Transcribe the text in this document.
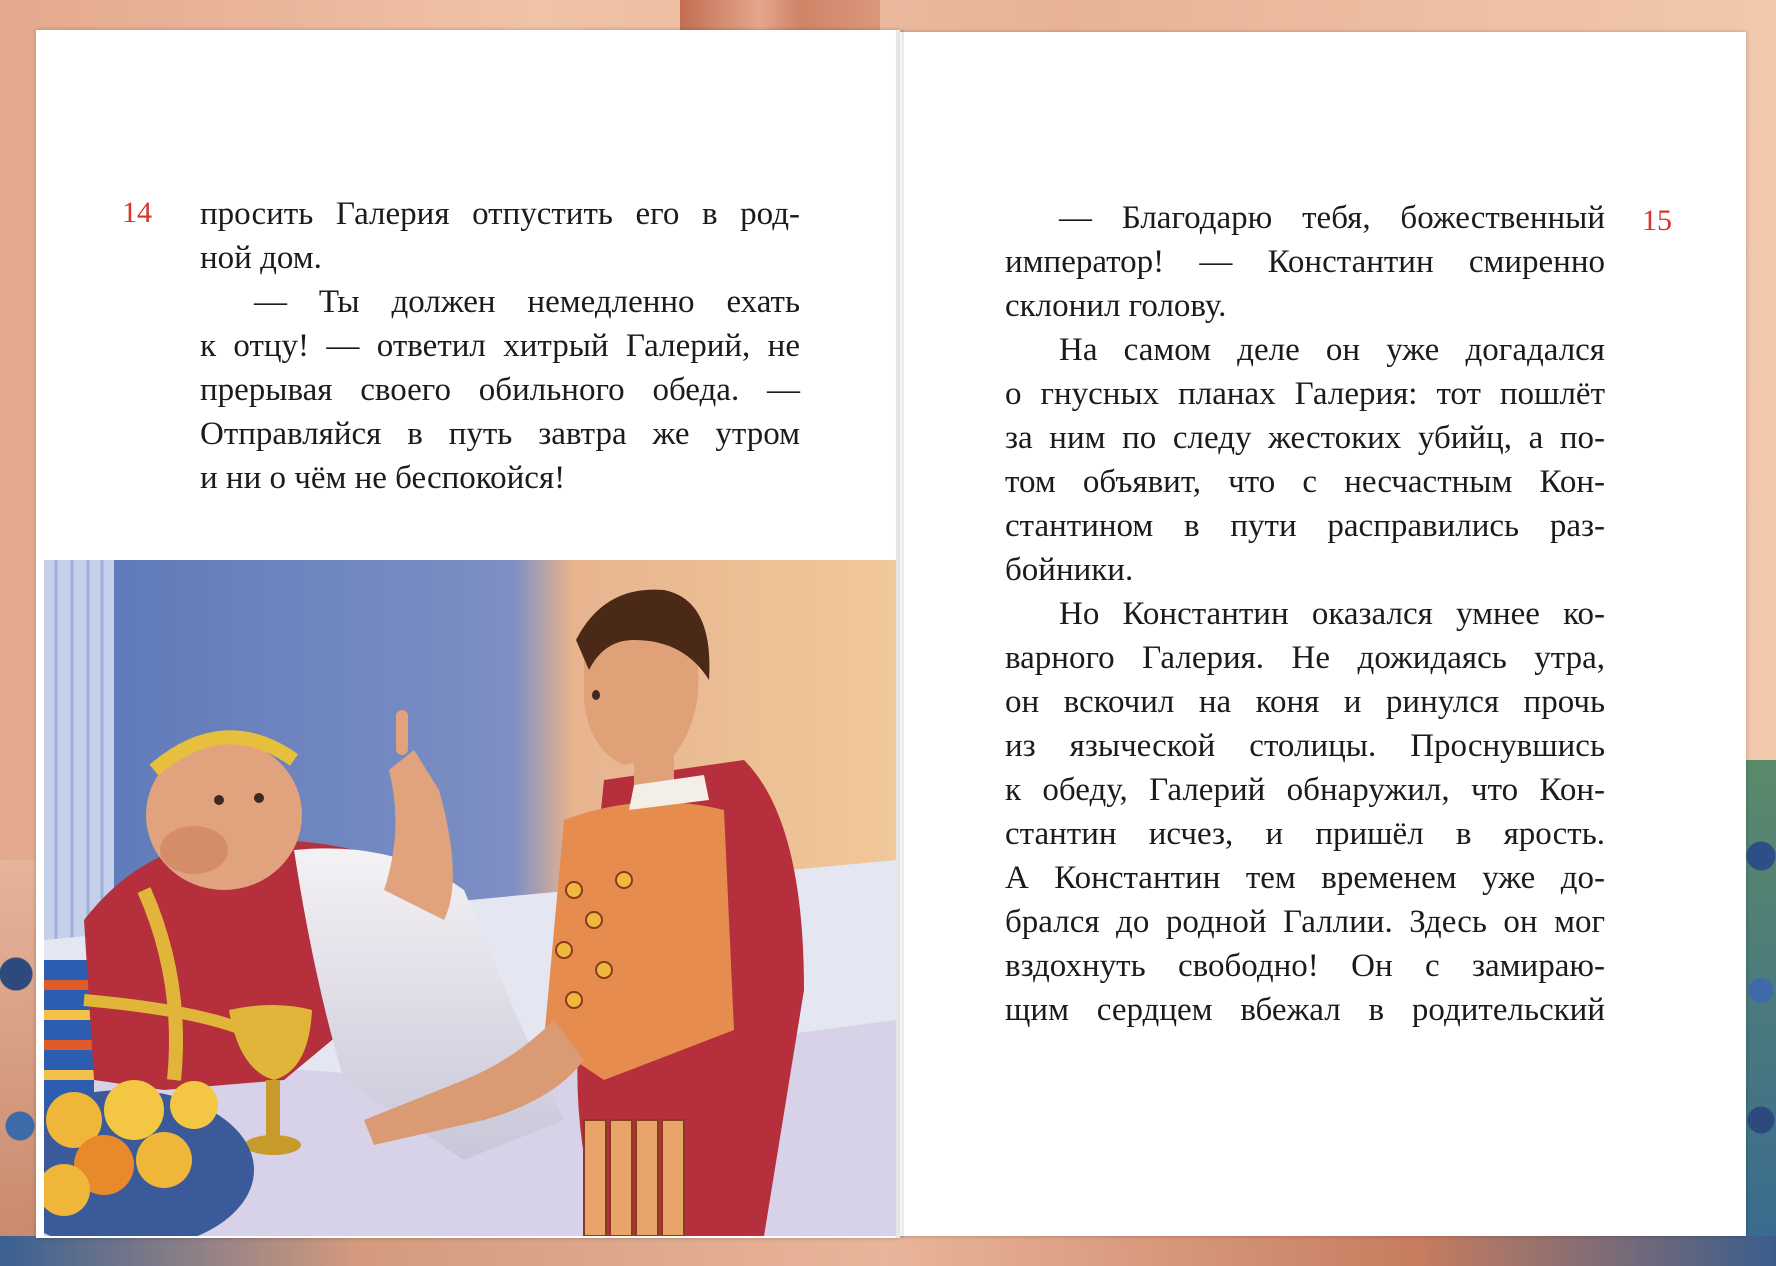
14 просить Галерия отпустить его в род-
ной дом.
— Ты должен немедленно ехать
к отцу! — ответил хитрый Галерий, не
прерывая своего обильного обеда. —
Отправляйся в путь завтра же утром
и ни о чём не беспокойся!
15
— Благодарю тебя, божественный
император! — Константин смиренно
склонил голову.
На самом деле он уже догадался
о гнусных планах Галерия: тот пошлёт
за ним по следу жестоких убийц, а по-
том объявит, что с несчастным Кон-
стантином в пути расправились раз-
бойники.
Но Константин оказался умнее ко-
варного Галерия. Не дожидаясь утра,
он вскочил на коня и ринулся прочь
из языческой столицы. Проснувшись
к обеду, Галерий обнаружил, что Кон-
стантин исчез, и пришёл в ярость.
А Константин тем временем уже до-
брался до родной Галлии. Здесь он мог
вздохнуть свободно! Он с замираю-
щим сердцем вбежал в родительский
